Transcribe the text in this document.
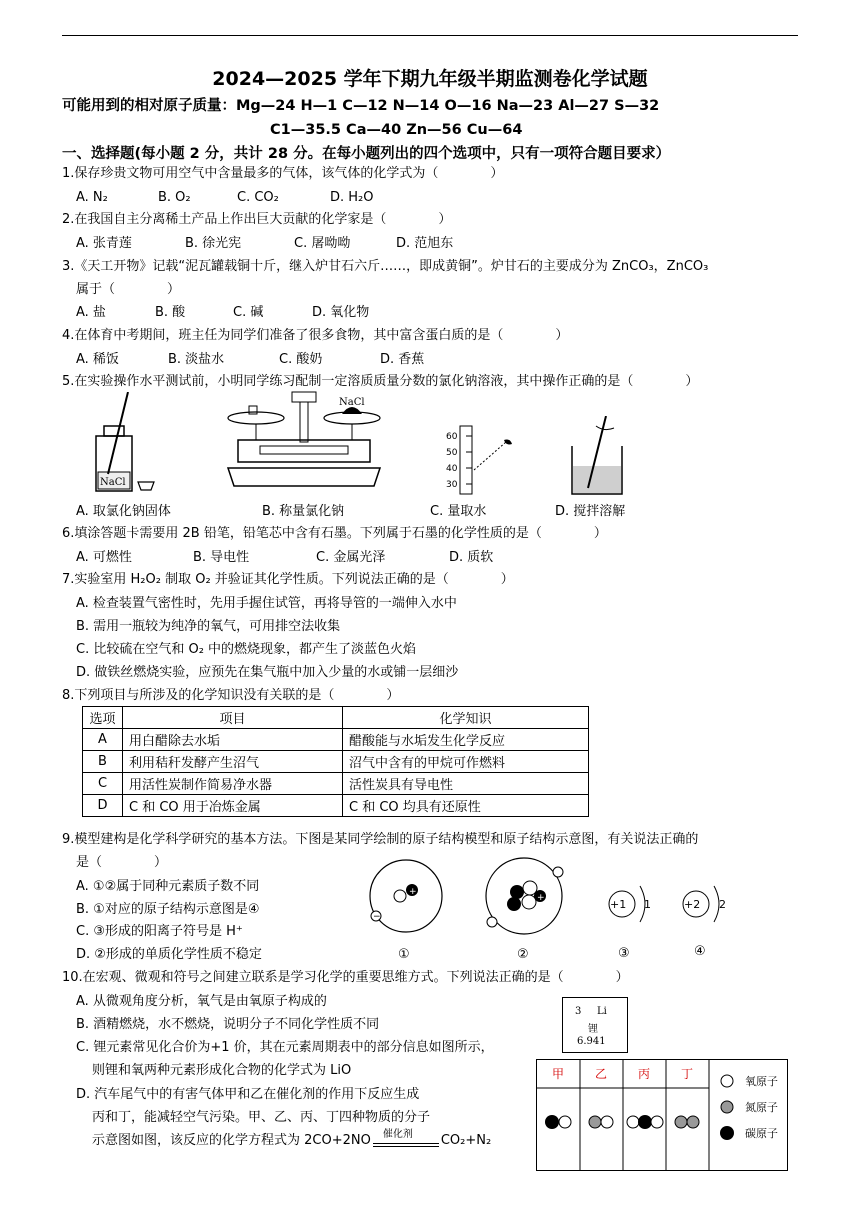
2024—2025 学年下期九年级半期监测卷化学试题
可能用到的相对原子质量：Mg—24 H—1 C—12 N—14 O—16 Na—23 Al—27 S—32
C1—35.5 Ca—40 Zn—56 Cu—64
一、选择题(每小题 2 分，共计 28 分。在每小题列出的四个选项中，只有一项符合题目要求）
1.保存珍贵文物可用空气中含量最多的气体，该气体的化学式为（　　　　）
A. N₂	B. O₂	C. CO₂	D. H₂O
2.在我国自主分离稀土产品上作出巨大贡献的化学家是（　　　　）
A. 张青莲	B. 徐光宪	C. 屠呦呦	D. 范旭东
3.《天工开物》记载“泥瓦罐载铜十斤，继入炉甘石六斤……，即成黄铜”。炉甘石的主要成分为 ZnCO₃，ZnCO₃
属于（　　　　）
A. 盐	B. 酸	C. 碱	D. 氧化物
4.在体育中考期间，班主任为同学们准备了很多食物，其中富含蛋白质的是（　　　　）
A. 稀饭	B. 淡盐水	C. 酸奶	D. 香蕉
5.在实验操作水平测试前，小明同学练习配制一定溶质质量分数的氯化钠溶液，其中操作正确的是（　　　　）
NaCl
NaCl
60
50
40
30
A. 取氯化钠固体	B. 称量氯化钠	C. 量取水	D. 搅拌溶解
6.填涂答题卡需要用 2B 铅笔，铅笔芯中含有石墨。下列属于石墨的化学性质的是（　　　　）
A. 可燃性	B. 导电性	C. 金属光泽	D. 质软
7.实验室用 H₂O₂ 制取 O₂ 并验证其化学性质。下列说法正确的是（　　　　）
A. 检查装置气密性时，先用手握住试管，再将导管的一端伸入水中
B. 需用一瓶较为纯净的氧气，可用排空法收集
C. 比较硫在空气和 O₂ 中的燃烧现象，都产生了淡蓝色火焰
D. 做铁丝燃烧实验，应预先在集气瓶中加入少量的水或铺一层细沙
8.下列项目与所涉及的化学知识没有关联的是（　　　　）
选项	项目	化学知识
A	用白醋除去水垢	醋酸能与水垢发生化学反应
B	利用秸秆发酵产生沼气	沼气中含有的甲烷可作燃料
C	用活性炭制作简易净水器	活性炭具有导电性
D	C 和 CO 用于冶炼金属	C 和 CO 均具有还原性
9.模型建构是化学科学研究的基本方法。下图是某同学绘制的原子结构模型和原子结构示意图，有关说法正确的
是（　　　　）
A. ①②属于同种元素质子数不同
B. ①对应的原子结构示意图是④
C. ③形成的阳离子符号是 H⁺
D. ②形成的单质化学性质不稳定
+
−
①
+
②
+1 1
③
+2 2
④
10.在宏观、微观和符号之间建立联系是学习化学的重要思维方式。下列说法正确的是（　　　　）
A. 从微观角度分析，氧气是由氧原子构成的
B. 酒精燃烧，水不燃烧，说明分子不同化学性质不同
C. 锂元素常见化合价为+1 价，其在元素周期表中的部分信息如图所示，
则锂和氧两种元素形成化合物的化学式为 LiO
D. 汽车尾气中的有害气体甲和乙在催化剂的作用下反应生成
丙和丁，能减轻空气污染。甲、乙、丙、丁四种物质的分子
示意图如图，该反应的化学方程式为 2CO+2NO 催化剂 CO₂+N₂
3 Li
锂
6.941
甲	乙	丙	丁
氧原子
氮原子
碳原子
